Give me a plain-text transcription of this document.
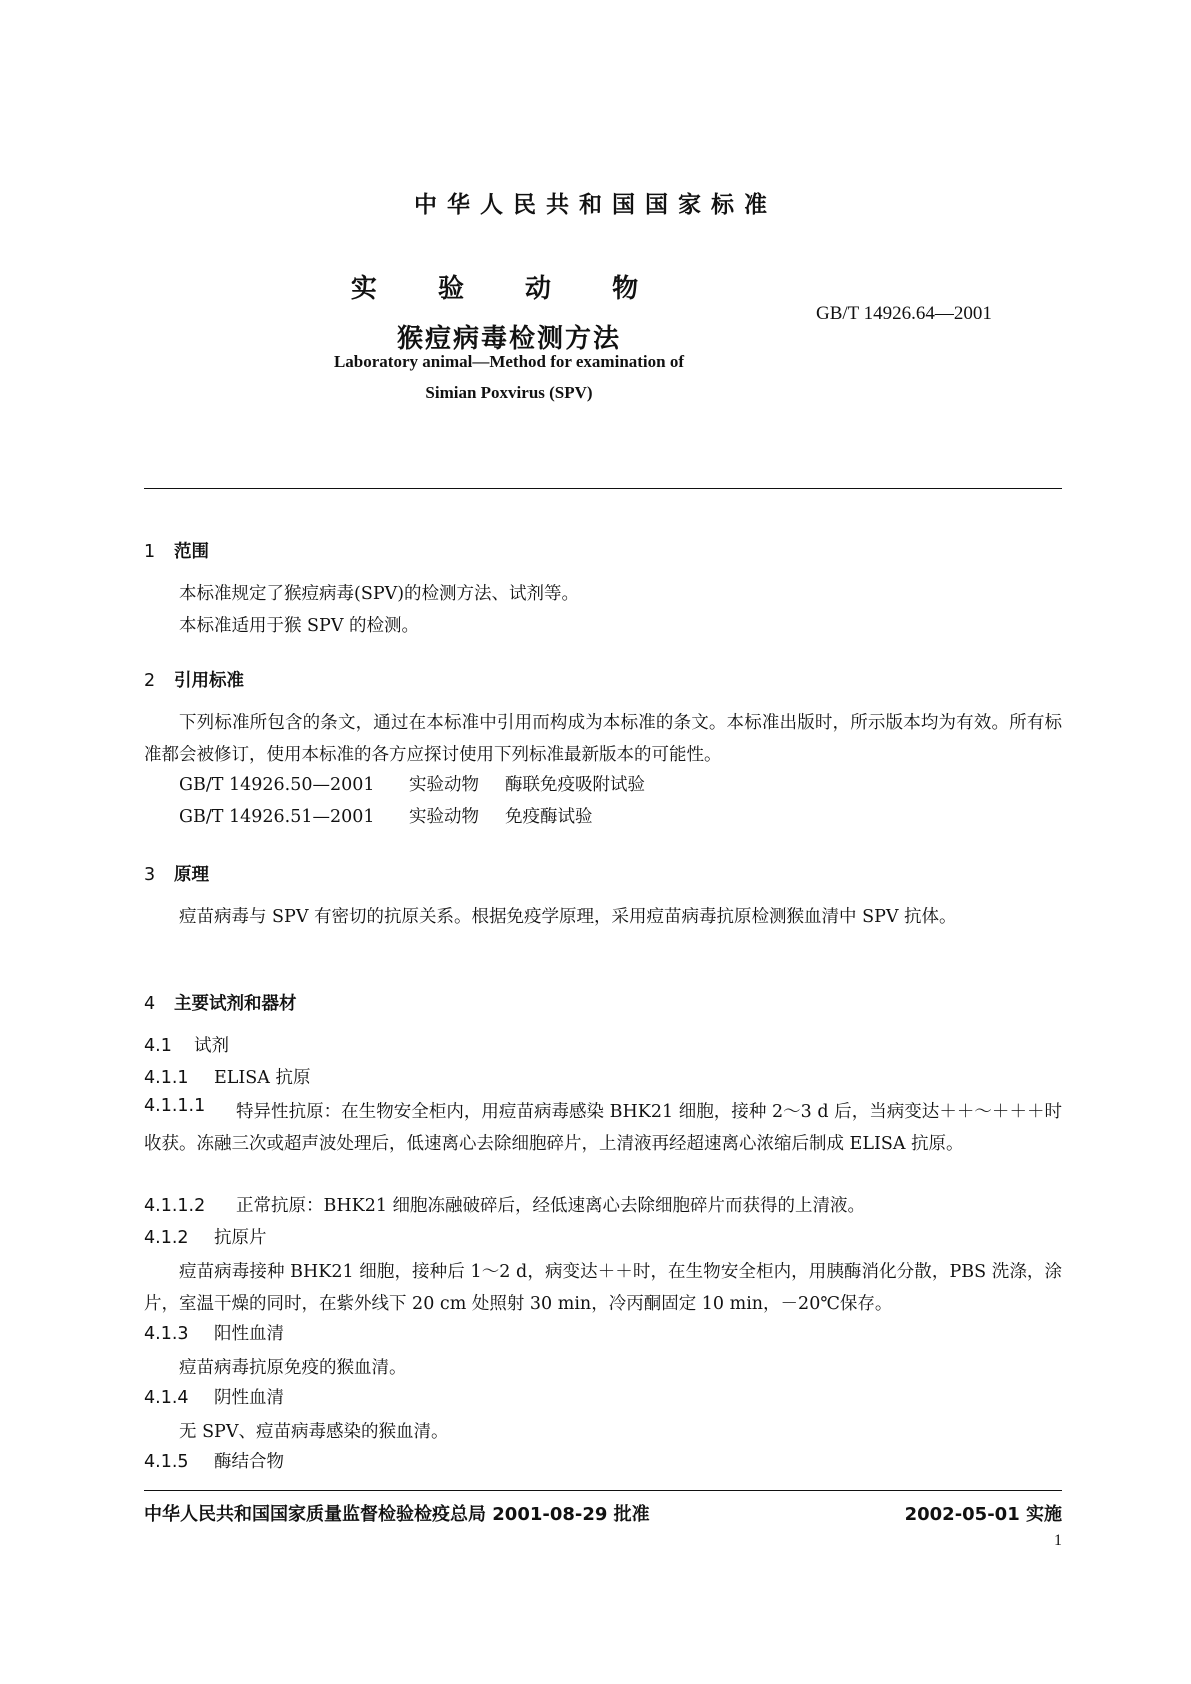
中华人民共和国国家标准
实 验 动 物
猴痘病毒检测方法
GB/T 14926.64—2001
Laboratory animal—Method for examination of
Simian Poxvirus (SPV)
1 范围
本标准规定了猴痘病毒(SPV)的检测方法、试剂等。
本标准适用于猴 SPV 的检测。
2 引用标准
下列标准所包含的条文，通过在本标准中引用而构成为本标准的条文。本标准出版时，所示版本均为有效。所有标准都会被修订，使用本标准的各方应探讨使用下列标准最新版本的可能性。
GB/T 14926.50—2001 实验动物 酶联免疫吸附试验
GB/T 14926.51—2001 实验动物 免疫酶试验
3 原理
痘苗病毒与 SPV 有密切的抗原关系。根据免疫学原理，采用痘苗病毒抗原检测猴血清中 SPV 抗体。
4 主要试剂和器材
4.1 试剂
4.1.1 ELISA 抗原
4.1.1.1	特异性抗原：在生物安全柜内，用痘苗病毒感染 BHK21 细胞，接种 2～3 d 后，当病变达＋＋～＋＋＋时收获。冻融三次或超声波处理后，低速离心去除细胞碎片，上清液再经超速离心浓缩后制成 ELISA 抗原。
4.1.1.2 正常抗原：BHK21 细胞冻融破碎后，经低速离心去除细胞碎片而获得的上清液。
4.1.2 抗原片
痘苗病毒接种 BHK21 细胞，接种后 1～2 d，病变达＋＋时，在生物安全柜内，用胰酶消化分散，PBS 洗涤，涂片，室温干燥的同时，在紫外线下 20 cm 处照射 30 min，冷丙酮固定 10 min，－20℃保存。
4.1.3 阳性血清
痘苗病毒抗原免疫的猴血清。
4.1.4 阴性血清
无 SPV、痘苗病毒感染的猴血清。
4.1.5 酶结合物
中华人民共和国国家质量监督检验检疫总局 2001-08-29 批准	2002-05-01 实施
1
